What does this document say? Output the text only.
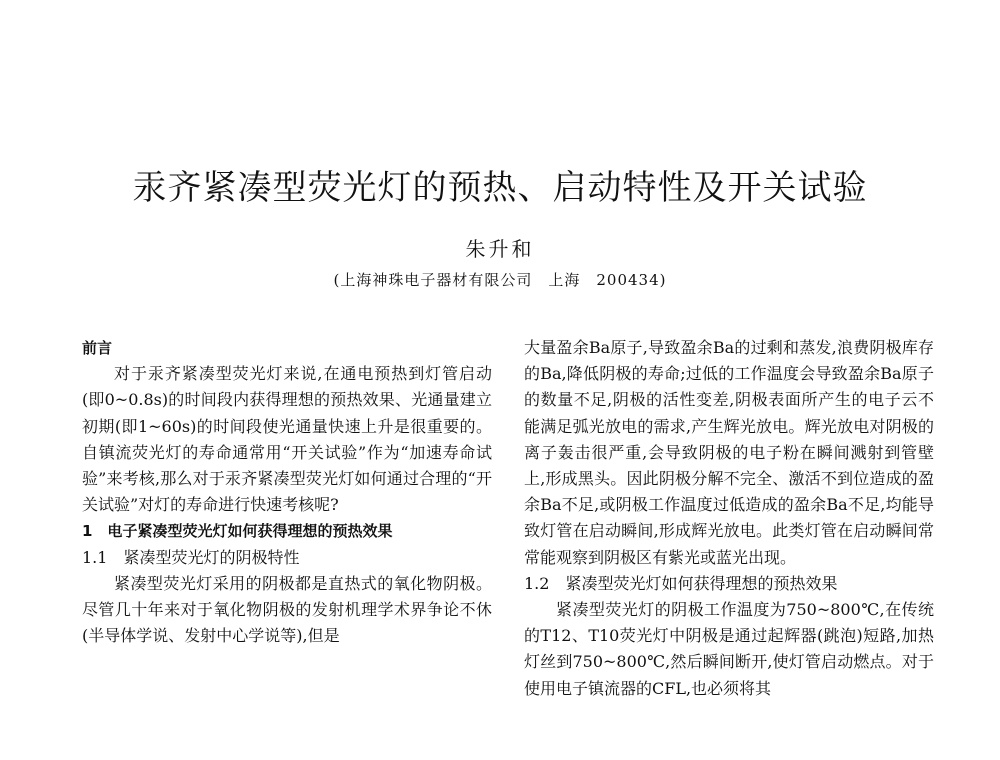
汞齐紧凑型荧光灯的预热、启动特性及开关试验
朱升和
(上海神珠电子器材有限公司　上海　200434)

前言

对于汞齐紧凑型荧光灯来说,在通电预热到灯管启动(即0~0.8s)的时间段内获得理想的预热效果、光通量建立初期(即1~60s)的时间段使光通量快速上升是很重要的。自镇流荧光灯的寿命通常用“开关试验”作为“加速寿命试验”来考核,那么对于汞齐紧凑型荧光灯如何通过合理的“开关试验”对灯的寿命进行快速考核呢?

1　电子紧凑型荧光灯如何获得理想的预热效果

1.1　紧凑型荧光灯的阴极特性

紧凑型荧光灯采用的阴极都是直热式的氧化物阴极。尽管几十年来对于氧化物阴极的发射机理学术界争论不休(半导体学说、发射中心学说等),但是

大量盈余Ba原子,导致盈余Ba的过剩和蒸发,浪费阴极库存的Ba,降低阴极的寿命;过低的工作温度会导致盈余Ba原子的数量不足,阴极的活性变差,阴极表面所产生的电子云不能满足弧光放电的需求,产生辉光放电。辉光放电对阴极的离子轰击很严重,会导致阴极的电子粉在瞬间溅射到管壁上,形成黑头。因此阴极分解不完全、激活不到位造成的盈余Ba不足,或阴极工作温度过低造成的盈余Ba不足,均能导致灯管在启动瞬间,形成辉光放电。此类灯管在启动瞬间常常能观察到阴极区有紫光或蓝光出现。

1.2　紧凑型荧光灯如何获得理想的预热效果

紧凑型荧光灯的阴极工作温度为750~800℃,在传统的T12、T10荧光灯中阴极是通过起辉器(跳泡)短路,加热灯丝到750~800℃,然后瞬间断开,使灯管启动燃点。对于使用电子镇流器的CFL,也必须将其
